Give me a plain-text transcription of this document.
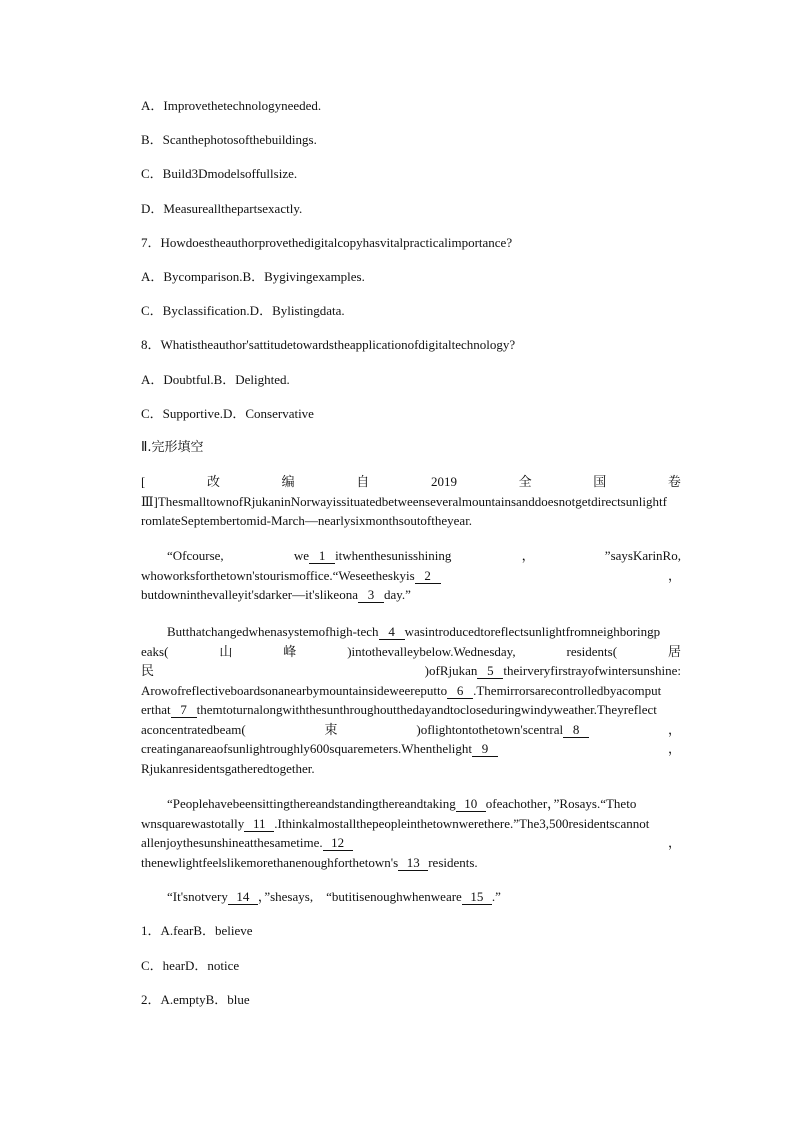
A．Improvethetechnologyneeded.
B．Scanthephotosofthebuildings.
C．Build3Dmodelsoffullsize.
D．Measureallthepartsexactly.
7．Howdoestheauthorprovethedigitalcopyhasvitalpracticalimportance?
A．Bycomparison.B．Bygivingexamples.
C．Byclassification.D．Bylistingdata.
8．Whatistheauthor'sattitudetowardstheapplicationofdigitaltechnology?
A．Doubtful.B．Delighted.
C．Supportive.D．Conservative
Ⅱ.完形填空
[	改	编	自	2019	全	国	卷
Ⅲ]ThesmalltownofRjukaninNorwayissituatedbetweenseveralmountainsanddoesnotgetdirectsunlightf
romlateSeptembertomid-March—nearlysixmonthsoutoftheyear.
“Ofcourse,	we 1 itwhenthesunisshining	，	”saysKarinRo,
whoworksforthetown'stourismoffice.“Weseetheskyis 2	，
butdowninthevalleyit'sdarker—it'slikeona 3 day.”
Butthatchangedwhenasystemofhigh-tech 4 wasintroducedtoreflectsunlightfromneighboringp
eaks(	山	峰	)intothevalleybelow.Wednesday,	residents(	居
民	)ofRjukan 5 theirveryfirstrayofwintersunshine:
Arowofreflectiveboardsonanearbymountainsideweereputto 6 .Themirrorsarecontrolledbyacomput
erthat 7 themtoturnalongwiththesunthroughoutthedayandtocloseduringwindyweather.Theyreflect
aconcentratedbeam(	束	)oflightontothetown'scentral 8	，
creatinganareaofsunlightroughly600squaremeters.Whenthelight 9	，
Rjukanresidentsgatheredtogether.
“Peoplehavebeensittingthereandstandingthereandtaking 10 ofeachother，”Rosays.“Theto
wnsquarewastotally 11 .Ithinkalmostallthepeopleinthetownwerethere.”The3,500residentscannot
allenjoythesunshineatthesametime. 12	，
thenewlightfeelslikemorethanenoughforthetown's 13 residents.
“It'snotvery 14 ，”shesays, “butitisenoughwhenweare 15 .”
1．A.fearB．believe
C．hearD．notice
2．A.emptyB．blue
